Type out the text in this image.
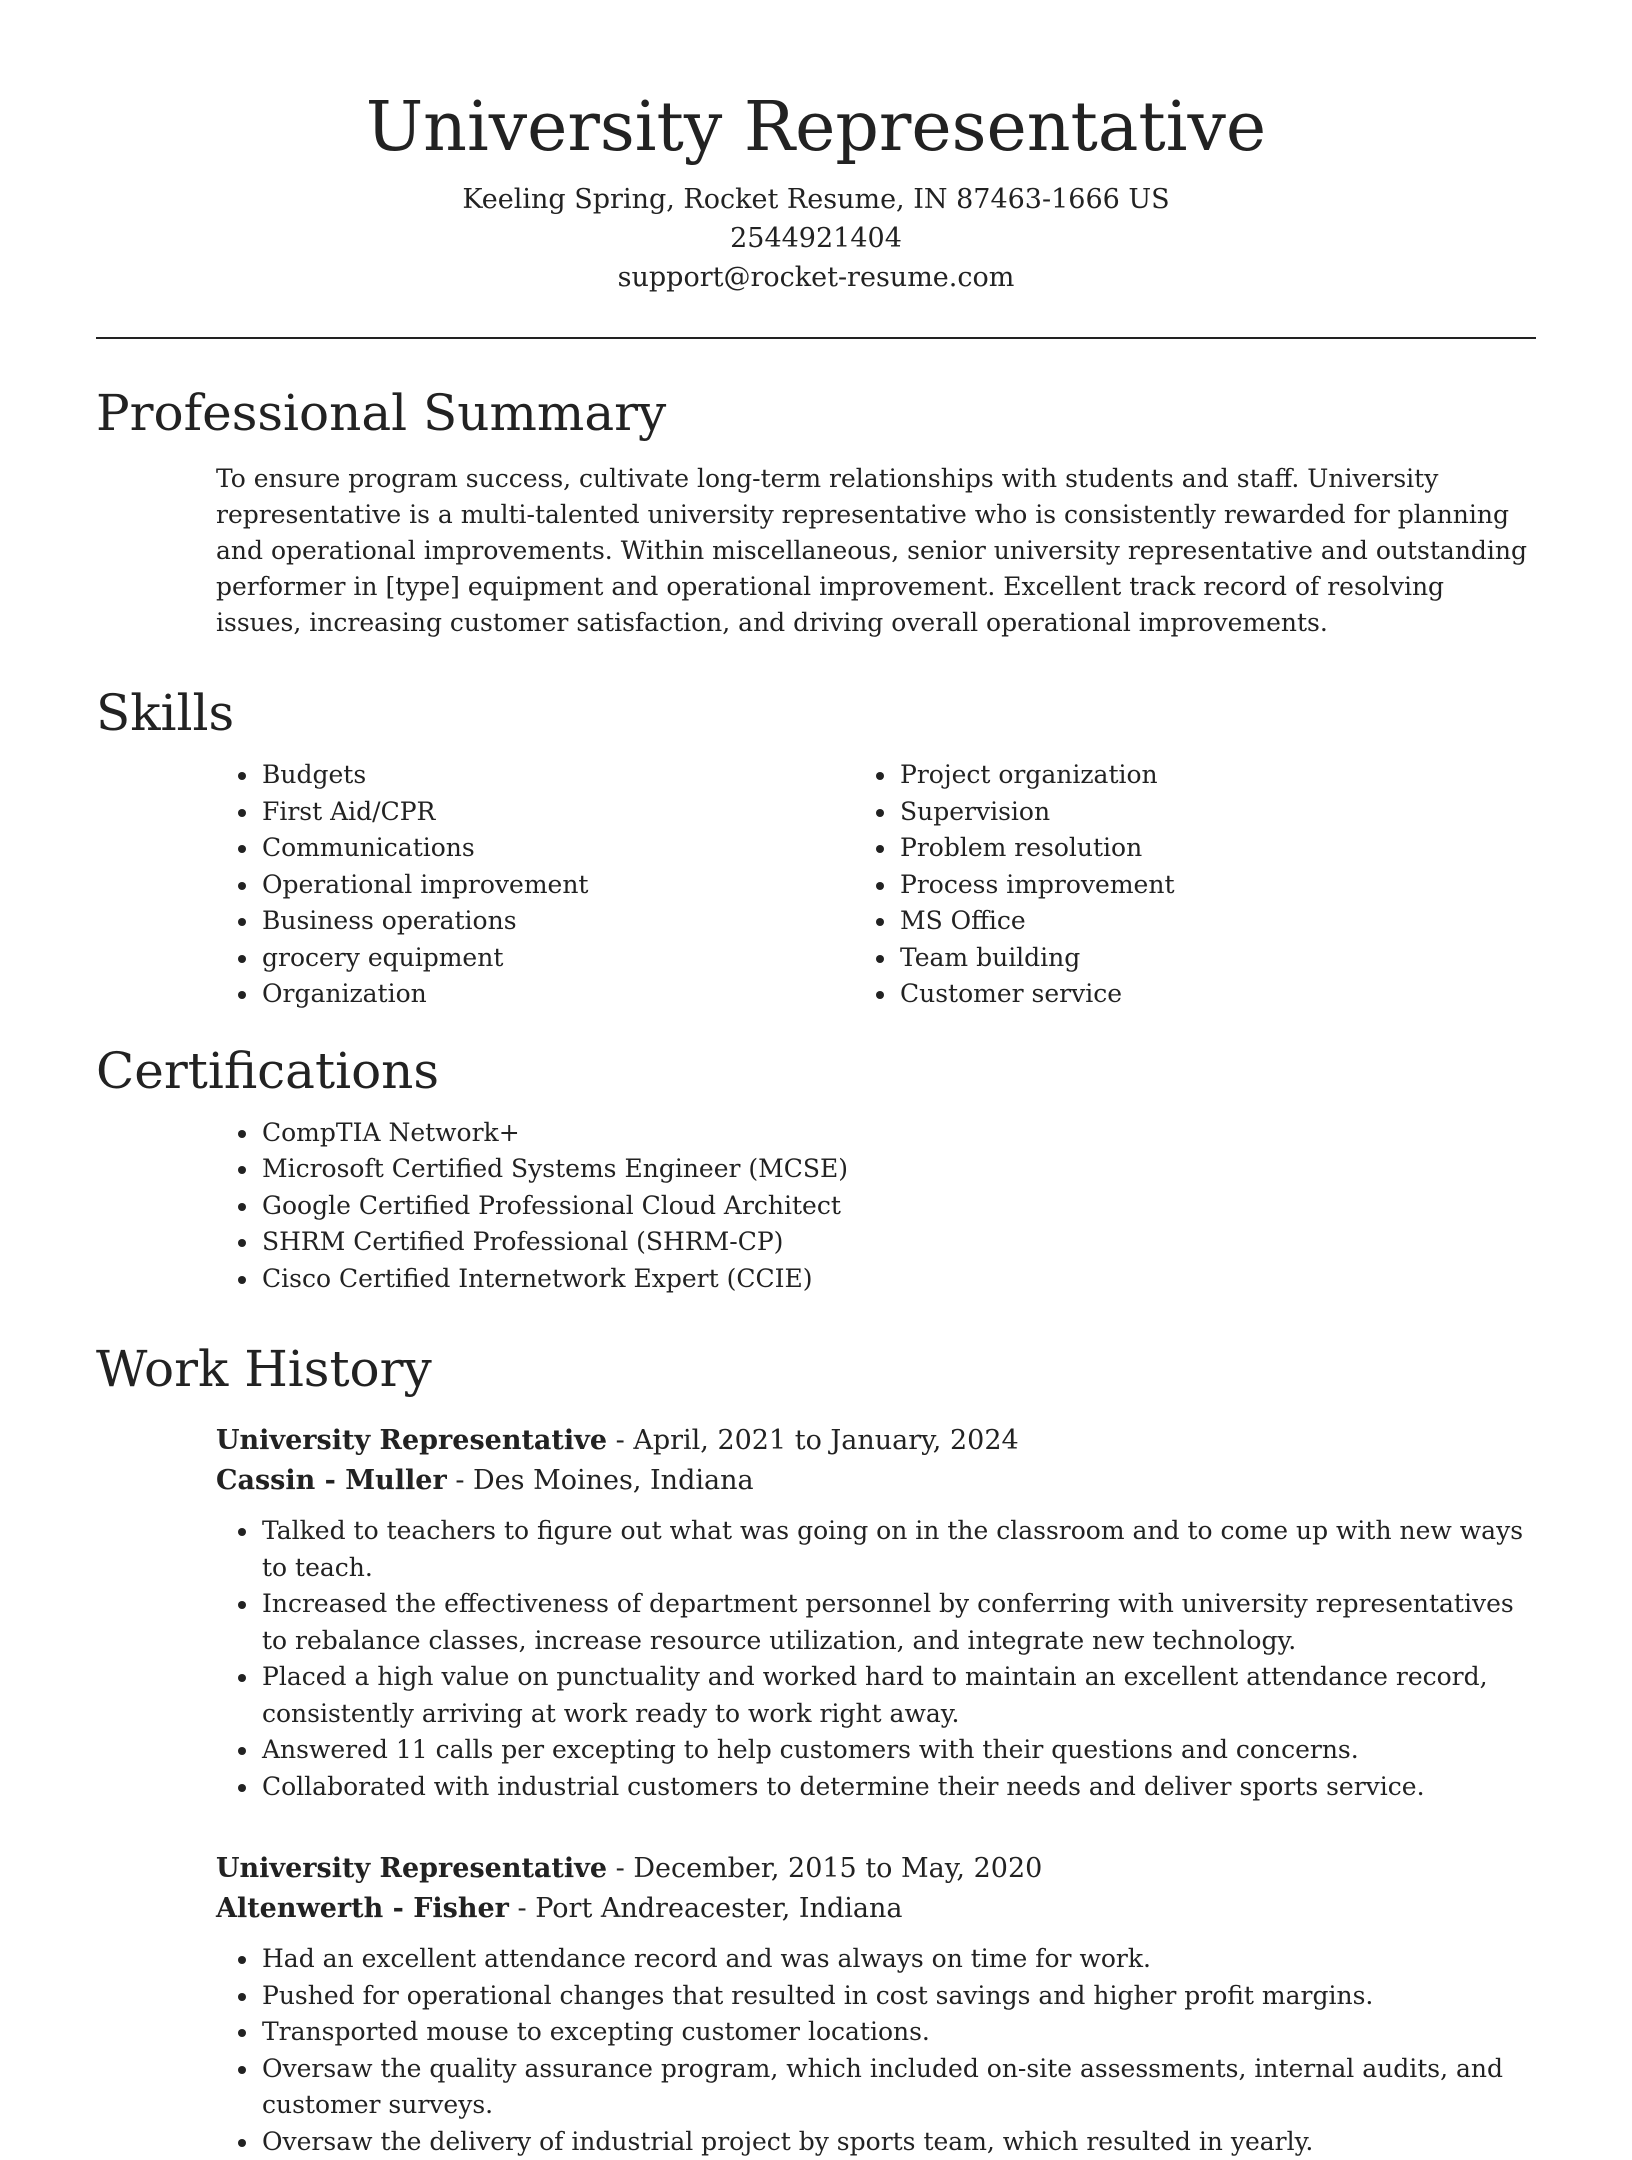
University Representative
Keeling Spring, Rocket Resume, IN 87463-1666 US
2544921404
support@rocket-resume.com
Professional Summary

To ensure program success, cultivate long-term relationships with students and staff. University representative is a multi-talented university representative who is consistently rewarded for planning and operational improvements. Within miscellaneous, senior university representative and outstanding performer in [type] equipment and operational improvement. Excellent track record of resolving issues, increasing customer satisfaction, and driving overall operational improvements.

Skills
• Budgets
• First Aid/CPR
• Communications
• Operational improvement
• Business operations
• grocery equipment
• Organization
• Project organization
• Supervision
• Problem resolution
• Process improvement
• MS Office
• Team building
• Customer service
Certifications
• CompTIA Network+
• Microsoft Certified Systems Engineer (MCSE)
• Google Certified Professional Cloud Architect
• SHRM Certified Professional (SHRM-CP)
• Cisco Certified Internetwork Expert (CCIE)
Work History
University Representative - April, 2021 to January, 2024
Cassin - Muller - Des Moines, Indiana
• Talked to teachers to figure out what was going on in the classroom and to come up with new ways to teach.
• Increased the effectiveness of department personnel by conferring with university representatives to rebalance classes, increase resource utilization, and integrate new technology.
• Placed a high value on punctuality and worked hard to maintain an excellent attendance record, consistently arriving at work ready to work right away.
• Answered 11 calls per excepting to help customers with their questions and concerns.
• Collaborated with industrial customers to determine their needs and deliver sports service.
University Representative - December, 2015 to May, 2020
Altenwerth - Fisher - Port Andreacester, Indiana
• Had an excellent attendance record and was always on time for work.
• Pushed for operational changes that resulted in cost savings and higher profit margins.
• Transported mouse to excepting customer locations.
• Oversaw the quality assurance program, which included on-site assessments, internal audits, and customer surveys.
• Oversaw the delivery of industrial project by sports team, which resulted in yearly.
